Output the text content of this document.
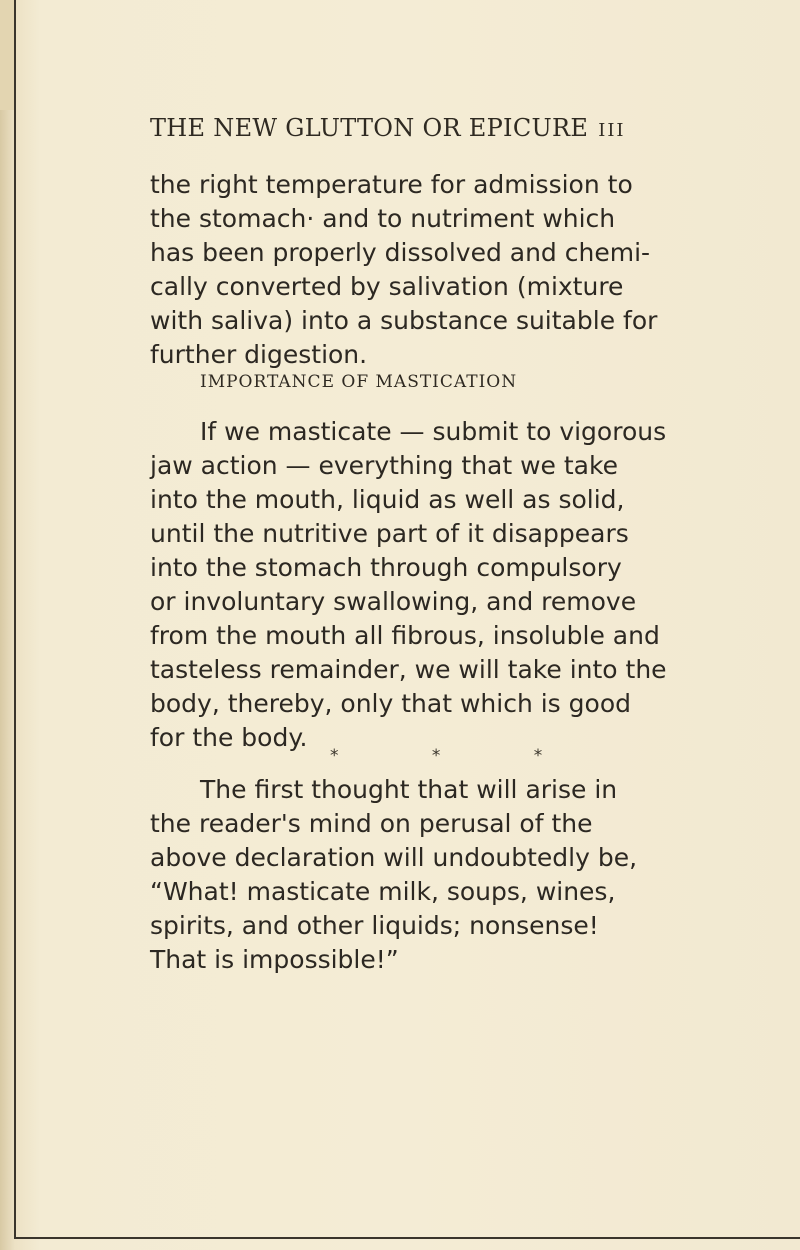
THE NEW GLUTTON OR EPICURE III
the right temperature for admission to
the stomach· and to nutriment which
has been properly dissolved and chemi-
cally converted by salivation (mixture
with saliva) into a substance suitable for
further digestion.
IMPORTANCE OF MASTICATION
If we masticate — submit to vigorous
jaw action — everything that we take
into the mouth, liquid as well as solid,
until the nutritive part of it disappears
into the stomach through compulsory
or involuntary swallowing, and remove
from the mouth all fibrous, insoluble and
tasteless remainder, we will take into the
body, thereby, only that which is good
for the body.
* * *
The first thought that will arise in
the reader's mind on perusal of the
above declaration will undoubtedly be,
“What! masticate milk, soups, wines,
spirits, and other liquids; nonsense!
That is impossible!”
